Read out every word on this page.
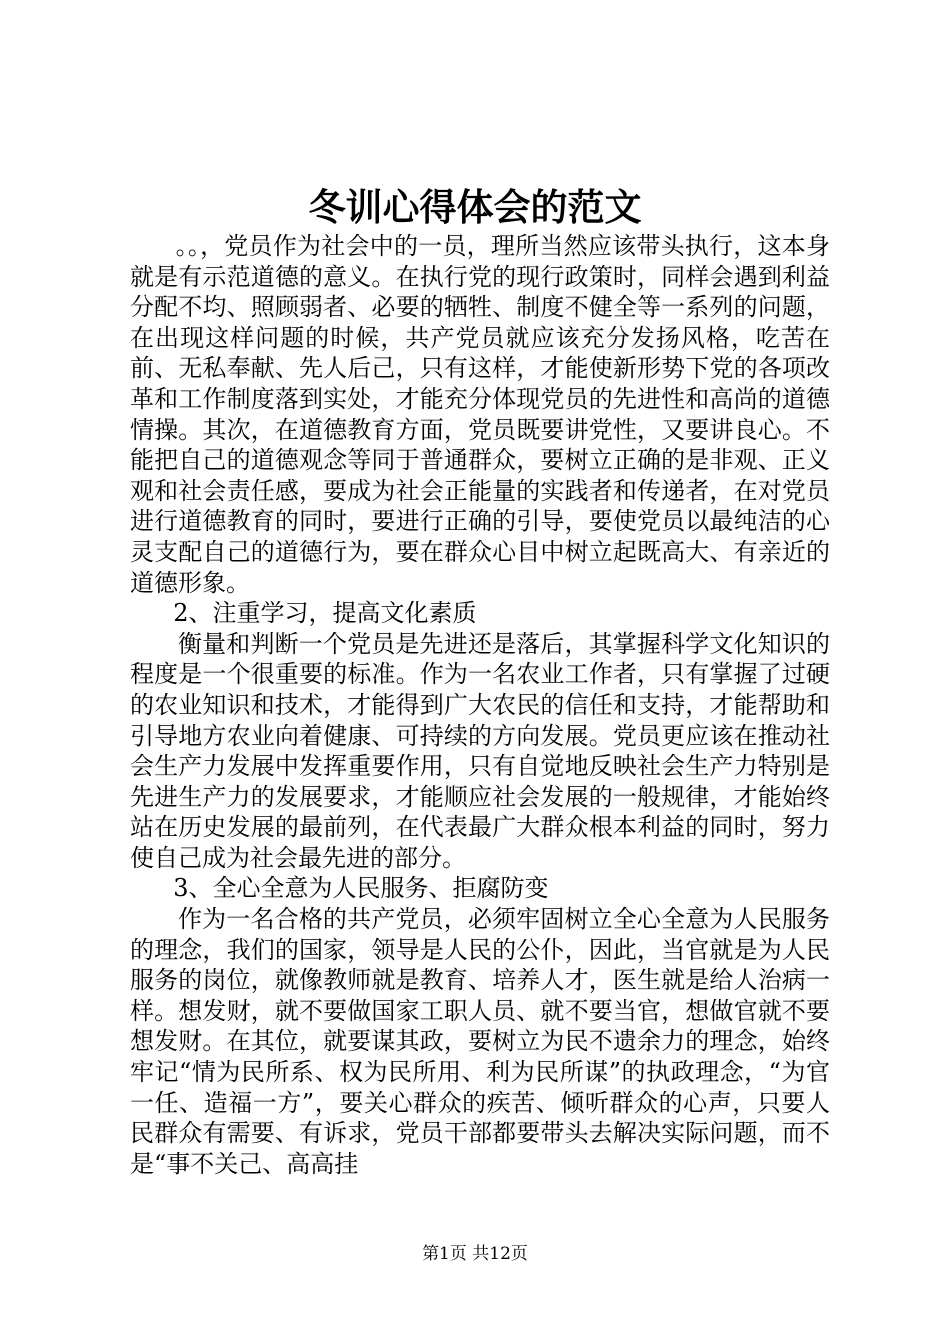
冬训心得体会的范文

。。，党员作为社会中的一员，理所当然应该带头执行，这本身就是有示范道德的意义。在执行党的现行政策时，同样会遇到利益分配不均、照顾弱者、必要的牺牲、制度不健全等一系列的问题，在出现这样问题的时候，共产党员就应该充分发扬风格，吃苦在前、无私奉献、先人后己，只有这样，才能使新形势下党的各项改革和工作制度落到实处，才能充分体现党员的先进性和高尚的道德情操。其次，在道德教育方面，党员既要讲党性，又要讲良心。不能把自己的道德观念等同于普通群众，要树立正确的是非观、正义观和社会责任感，要成为社会正能量的实践者和传递者，在对党员进行道德教育的同时，要进行正确的引导，要使党员以最纯洁的心灵支配自己的道德行为，要在群众心目中树立起既高大、有亲近的道德形象。

2、注重学习，提高文化素质

衡量和判断一个党员是先进还是落后，其掌握科学文化知识的程度是一个很重要的标准。作为一名农业工作者，只有掌握了过硬的农业知识和技术，才能得到广大农民的信任和支持，才能帮助和引导地方农业向着健康、可持续的方向发展。党员更应该在推动社会生产力发展中发挥重要作用，只有自觉地反映社会生产力特别是先进生产力的发展要求，才能顺应社会发展的一般规律，才能始终站在历史发展的最前列，在代表最广大群众根本利益的同时，努力使自己成为社会最先进的部分。

3、全心全意为人民服务、拒腐防变

作为一名合格的共产党员，必须牢固树立全心全意为人民服务的理念，我们的国家，领导是人民的公仆，因此，当官就是为人民服务的岗位，就像教师就是教育、培养人才，医生就是给人治病一样。想发财，就不要做国家工职人员、就不要当官，想做官就不要想发财。在其位，就要谋其政，要树立为民不遗余力的理念，始终牢记“情为民所系、权为民所用、利为民所谋”的执政理念，“为官一任、造福一方”，要关心群众的疾苦、倾听群众的心声，只要人民群众有需要、有诉求，党员干部都要带头去解决实际问题，而不是“事不关己、高高挂

第1页 共12页
